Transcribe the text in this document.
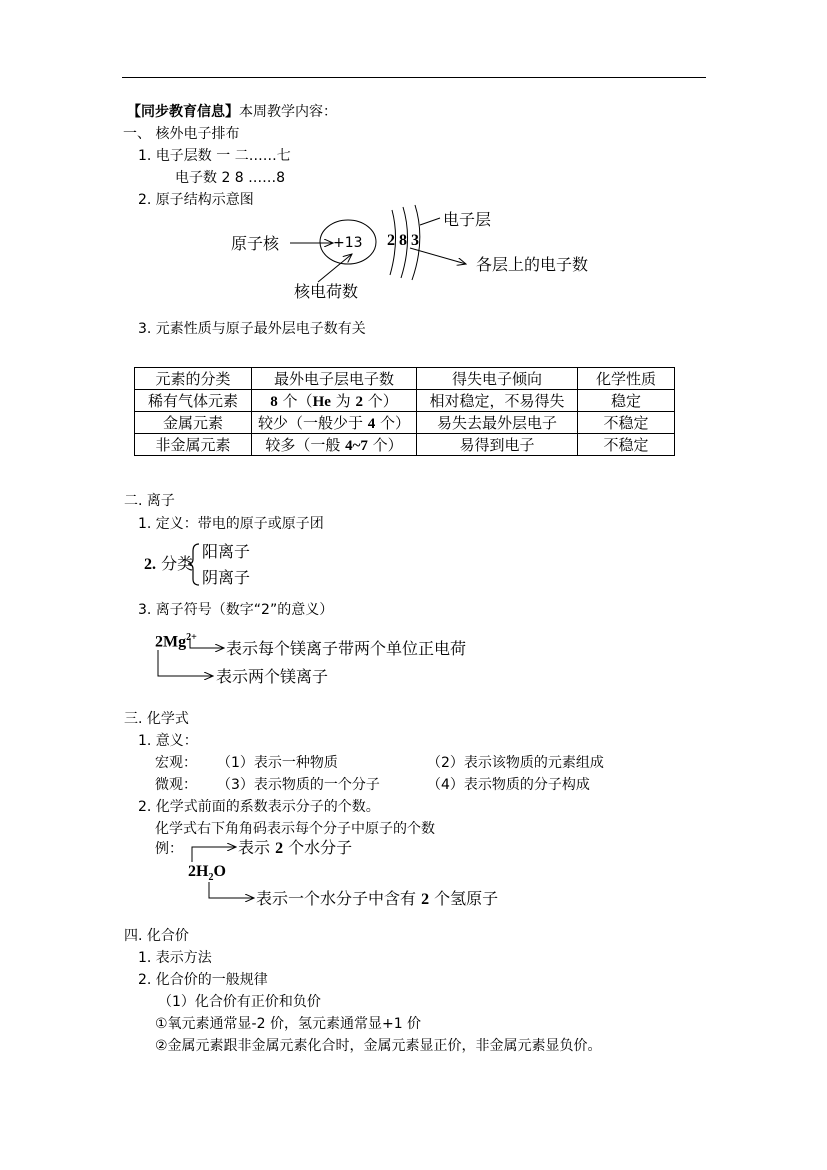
【同步教育信息】本周教学内容：
一、 核外电子排布
1. 电子层数 一 二……七
电子数 2 8 ……8
2. 原子结构示意图
原子核	+13 2 8 3
电子层
各层上的电子数
核电荷数
3. 元素性质与原子最外层电子数有关
元素的分类	最外电子层电子数	得失电子倾向	化学性质
稀有气体元素	8 个（He 为 2 个）	相对稳定，不易得失	稳定
金属元素	较少（一般少于 4 个）	易失去最外层电子	不稳定
非金属元素	较多（一般 4~7 个）	易得到电子	不稳定
二. 离子
1. 定义：带电的原子或原子团
2. 分类
阳离子
阴离子
3. 离子符号（数字“2”的意义）
$2Mg^{2+}$
表示每个镁离子带两个单位正电荷
表示两个镁离子
三. 化学式
1. 意义：
宏观： （1）表示一种物质	（2）表示该物质的元素组成
微观： （3）表示物质的一个分子	（4）表示物质的分子构成
2. 化学式前面的系数表示分子的个数。
化学式右下角角码表示每个分子中原子的个数
例：	表示 2 个水分子
$2H_2O$
表示一个水分子中含有 2 个氢原子
四. 化合价
1. 表示方法
2. 化合价的一般规律
（1）化合价有正价和负价
①氧元素通常显-2 价，氢元素通常显+1 价
②金属元素跟非金属元素化合时，金属元素显正价，非金属元素显负价。
